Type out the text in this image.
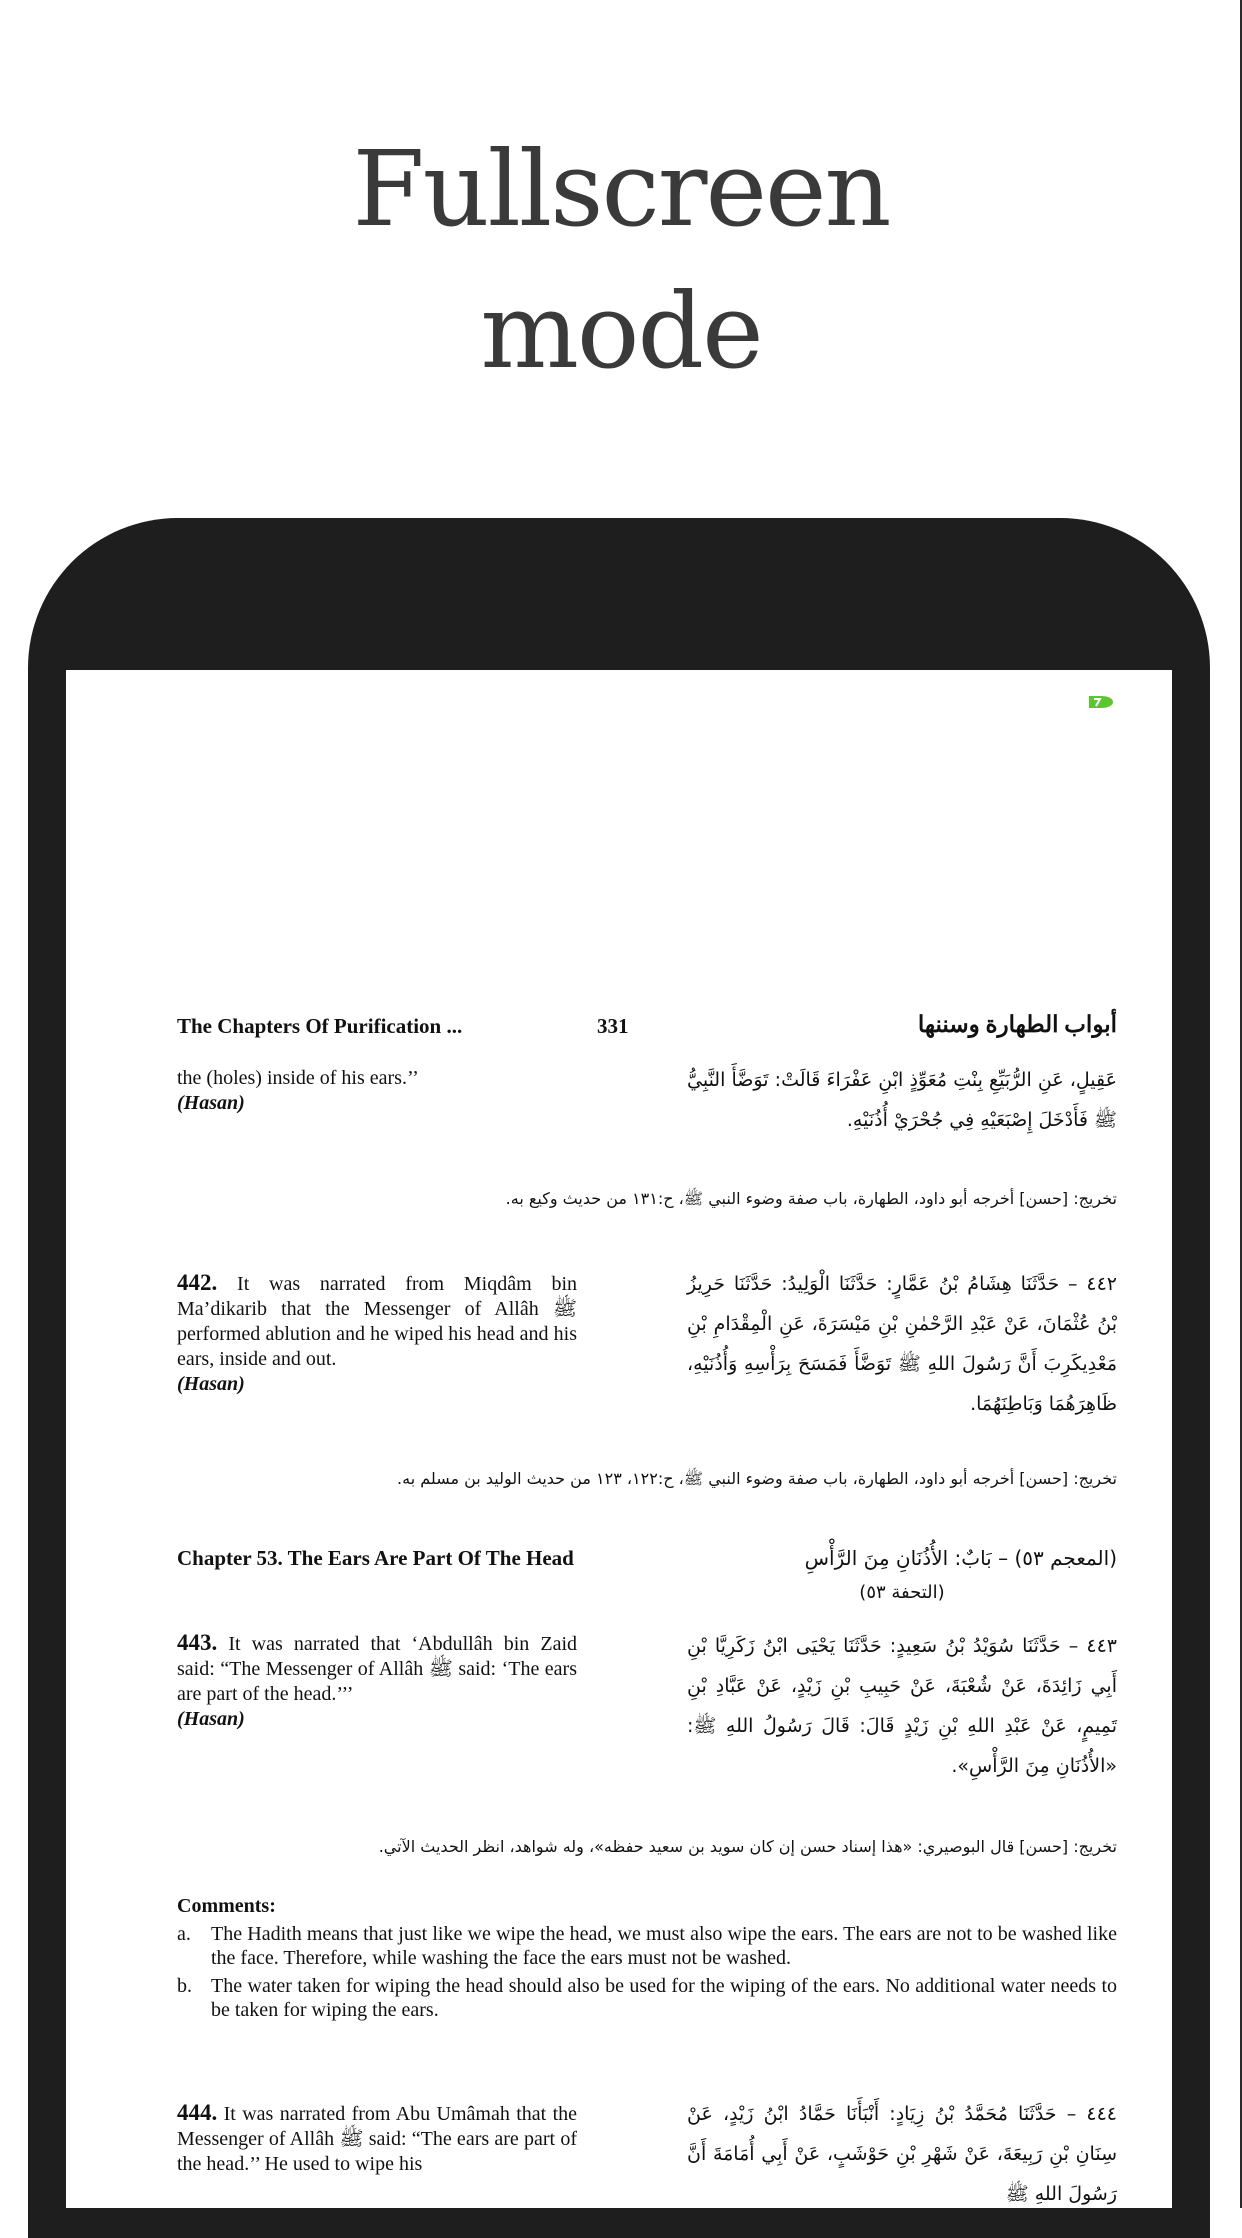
Fullscreen
mode
The Chapters Of Purification ...	331	أبواب الطهارة وسننها
the (holes) inside of his ears.’’
(Hasan)
عَقِيلٍ، عَنِ الرُّبَيِّعِ بِنْتِ مُعَوِّذٍ ابْنِ عَفْرَاءَ قَالَتْ: تَوَضَّأَ النَّبِيُّ ﷺ فَأَدْخَلَ إِصْبَعَيْهِ فِي جُحْرَيْ أُذُنَيْهِ.
تخريج: [حسن] أخرجه أبو داود، الطهارة، باب صفة وضوء النبي ﷺ، ح:١٣١ من حديث وكيع به.
442. It was narrated from Miqdâm bin Ma’dikarib that the Messenger of Allâh ﷺ performed ablution and he wiped his head and his ears, inside and out.
(Hasan)
٤٤٢ – حَدَّثَنَا هِشَامُ بْنُ عَمَّارٍ: حَدَّثَنَا الْوَلِيدُ: حَدَّثَنَا حَرِيزُ بْنُ عُثْمَانَ، عَنْ عَبْدِ الرَّحْمٰنِ بْنِ مَيْسَرَةَ، عَنِ الْمِقْدَامِ بْنِ مَعْدِيكَرِبَ أَنَّ رَسُولَ اللهِ ﷺ تَوَضَّأَ فَمَسَحَ بِرَأْسِهِ وَأُذُنَيْهِ، ظَاهِرَهُمَا وَبَاطِنَهُمَا.
تخريج: [حسن] أخرجه أبو داود، الطهارة، باب صفة وضوء النبي ﷺ، ح:١٢٢، ١٢٣ من حديث الوليد بن مسلم به.
Chapter 53. The Ears Are Part Of The Head	(المعجم ٥٣) – بَابٌ: الأُذُنَانِ مِنَ الرَّأْسِ
(التحفة ٥٣)
443. It was narrated that ‘Abdullâh bin Zaid said: “The Messenger of Allâh ﷺ said: ‘The ears are part of the head.’’’
(Hasan)
٤٤٣ – حَدَّثَنَا سُوَيْدُ بْنُ سَعِيدٍ: حَدَّثَنَا يَحْيَى ابْنُ زَكَرِيَّا بْنِ أَبِي زَائِدَةَ، عَنْ شُعْبَةَ، عَنْ حَبِيبِ بْنِ زَيْدٍ، عَنْ عَبَّادِ بْنِ تَمِيمٍ، عَنْ عَبْدِ اللهِ بْنِ زَيْدٍ قَالَ: قَالَ رَسُولُ اللهِ ﷺ: «الأُذُنَانِ مِنَ الرَّأْسِ».
تخريج: [حسن] قال البوصيري: «هذا إسناد حسن إن كان سويد بن سعيد حفظه»، وله شواهد، انظر الحديث الآتي.
Comments:
a. The Hadith means that just like we wipe the head, we must also wipe the ears. The ears are not to be washed like the face. Therefore, while washing the face the ears must not be washed.
b. The water taken for wiping the head should also be used for the wiping of the ears. No additional water needs to be taken for wiping the ears.
444. It was narrated from Abu Umâmah that the Messenger of Allâh ﷺ said: “The ears are part of the head.’’ He used to wipe his
٤٤٤ – حَدَّثَنَا مُحَمَّدُ بْنُ زِيَادٍ: أَنْبَأَنَا حَمَّادُ ابْنُ زَيْدٍ، عَنْ سِنَانِ بْنِ رَبِيعَةَ، عَنْ شَهْرِ بْنِ حَوْشَبٍ، عَنْ أَبِي أُمَامَةَ أَنَّ رَسُولَ اللهِ ﷺ
